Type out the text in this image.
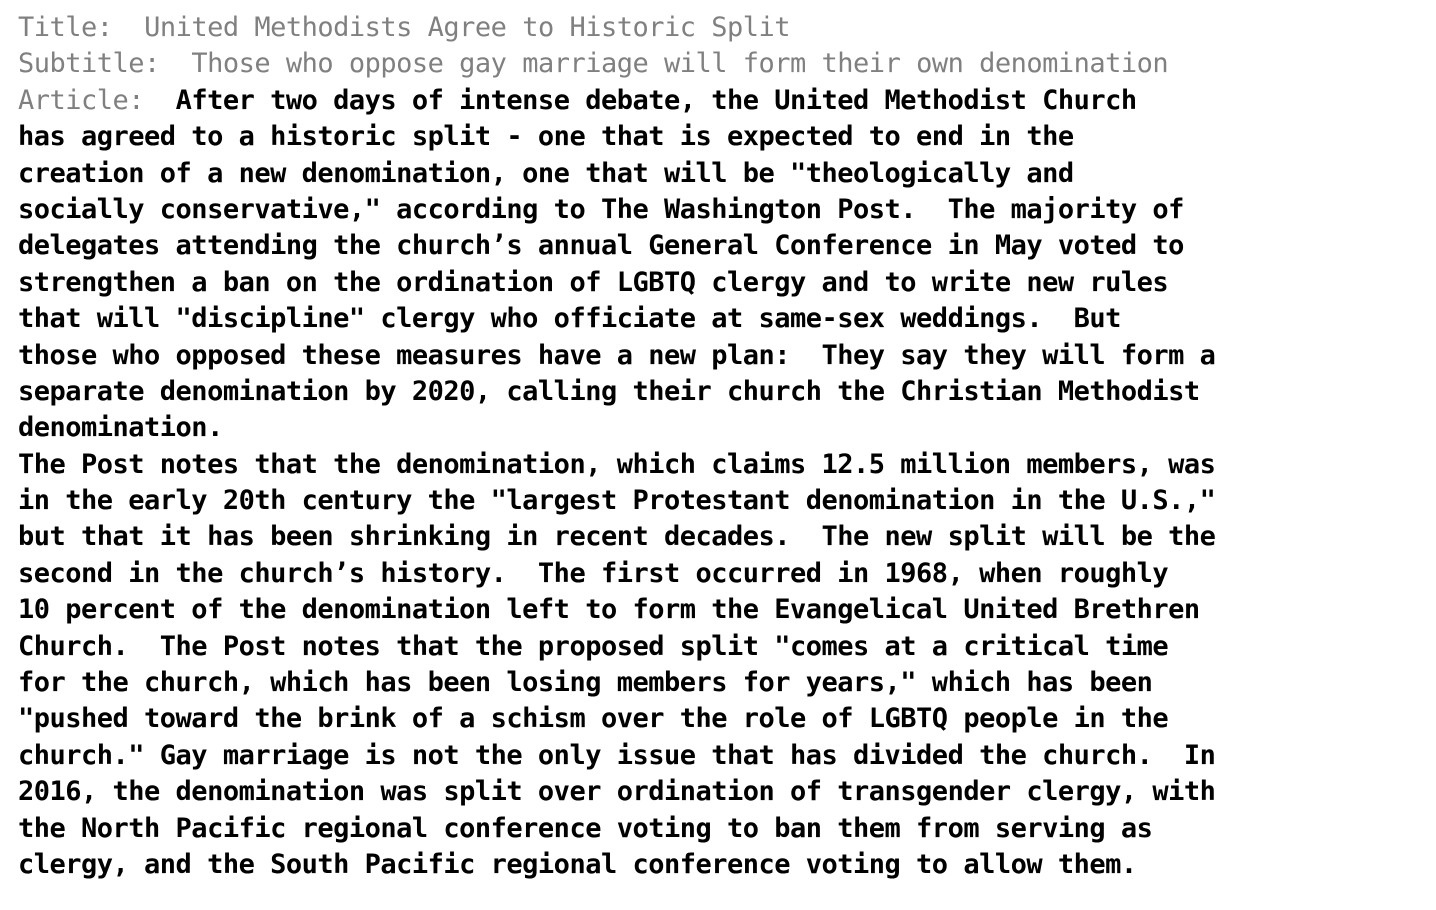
Title: United Methodists Agree to Historic Split
Subtitle: Those who oppose gay marriage will form their own denomination
Article: After two days of intense debate, the United Methodist Church
has agreed to a historic split - one that is expected to end in the
creation of a new denomination, one that will be "theologically and
socially conservative," according to The Washington Post.  The majority of
delegates attending the church’s annual General Conference in May voted to
strengthen a ban on the ordination of LGBTQ clergy and to write new rules
that will "discipline" clergy who officiate at same-sex weddings.  But
those who opposed these measures have a new plan:  They say they will form a
separate denomination by 2020, calling their church the Christian Methodist
denomination.
The Post notes that the denomination, which claims 12.5 million members, was
in the early 20th century the "largest Protestant denomination in the U.S.,"
but that it has been shrinking in recent decades.  The new split will be the
second in the church’s history.  The first occurred in 1968, when roughly
10 percent of the denomination left to form the Evangelical United Brethren
Church.  The Post notes that the proposed split "comes at a critical time
for the church, which has been losing members for years," which has been
"pushed toward the brink of a schism over the role of LGBTQ people in the
church." Gay marriage is not the only issue that has divided the church.  In
2016, the denomination was split over ordination of transgender clergy, with
the North Pacific regional conference voting to ban them from serving as
clergy, and the South Pacific regional conference voting to allow them.
